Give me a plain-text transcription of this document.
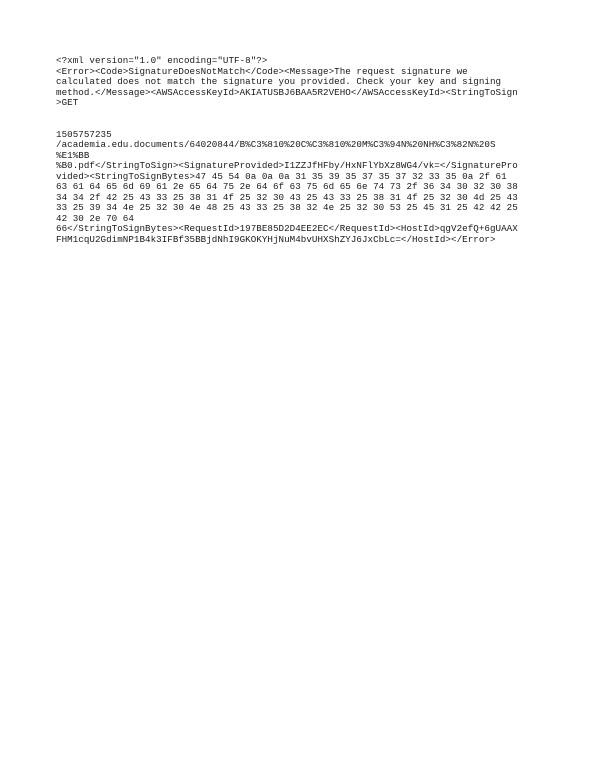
<?xml version="1.0" encoding="UTF-8"?>
<Error><Code>SignatureDoesNotMatch</Code><Message>The request signature we
calculated does not match the signature you provided. Check your key and signing
method.</Message><AWSAccessKeyId>AKIATUSBJ6BAA5R2VEHO</AWSAccessKeyId><StringToSign
>GET
1505757235
/academia.edu.documents/64020844/B%C3%810%20C%C3%810%20M%C3%94N%20NH%C3%82N%20S
%E1%BB
%B0.pdf</StringToSign><SignatureProvided>I1ZZJfHFby/HxNFlYbXz8WG4/vk=</SignaturePro
vided><StringToSignBytes>47 45 54 0a 0a 0a 31 35 39 35 37 35 37 32 33 35 0a 2f 61
63 61 64 65 6d 69 61 2e 65 64 75 2e 64 6f 63 75 6d 65 6e 74 73 2f 36 34 30 32 30 38
34 34 2f 42 25 43 33 25 38 31 4f 25 32 30 43 25 43 33 25 38 31 4f 25 32 30 4d 25 43
33 25 39 34 4e 25 32 30 4e 48 25 43 33 25 38 32 4e 25 32 30 53 25 45 31 25 42 42 25
42 30 2e 70 64
66</StringToSignBytes><RequestId>197BE85D2D4EE2EC</RequestId><HostId>qgV2efQ+6gUAAX
FHM1cqU2GdimNP1B4k3IFBf35BBjdNhI9GKOKYHjNuM4bvUHXShZYJ6JxCbLc=</HostId></Error>
